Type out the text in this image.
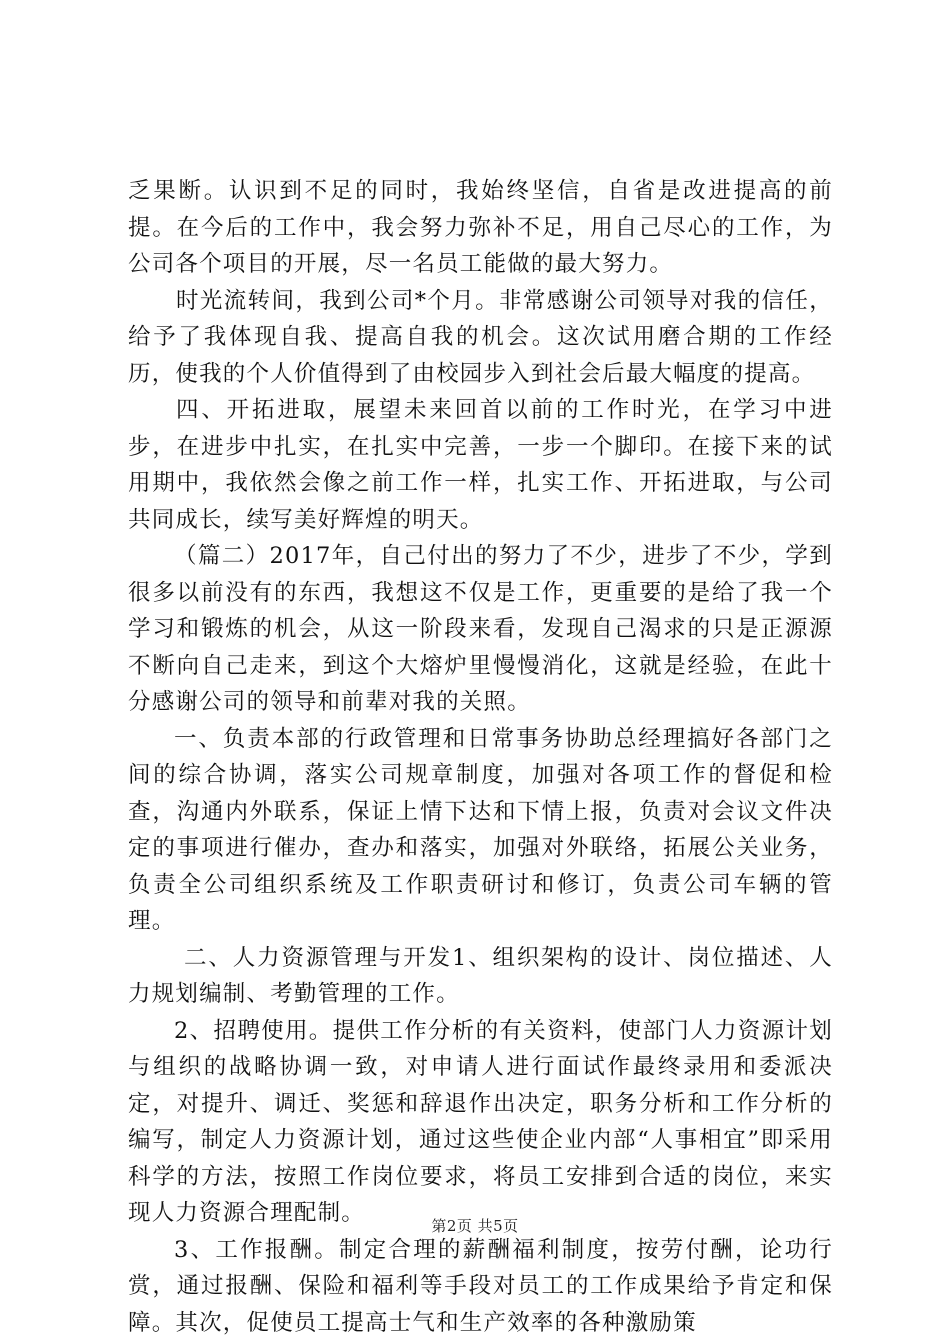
乏果断。认识到不足的同时，我始终坚信，自省是改进提高的前提。在今后的工作中，我会努力弥补不足，用自己尽心的工作，为公司各个项目的开展，尽一名员工能做的最大努力。

时光流转间，我到公司*个月。非常感谢公司领导对我的信任，给予了我体现自我、提高自我的机会。这次试用磨合期的工作经历，使我的个人价值得到了由校园步入到社会后最大幅度的提高。

四、开拓进取，展望未来回首以前的工作时光，在学习中进步，在进步中扎实，在扎实中完善，一步一个脚印。在接下来的试用期中，我依然会像之前工作一样，扎实工作、开拓进取，与公司共同成长，续写美好辉煌的明天。

（篇二）2017年，自己付出的努力了不少，进步了不少，学到很多以前没有的东西，我想这不仅是工作，更重要的是给了我一个学习和锻炼的机会，从这一阶段来看，发现自己渴求的只是正源源不断向自己走来，到这个大熔炉里慢慢消化，这就是经验，在此十分感谢公司的领导和前辈对我的关照。

一、负责本部的行政管理和日常事务协助总经理搞好各部门之间的综合协调，落实公司规章制度，加强对各项工作的督促和检查，沟通内外联系，保证上情下达和下情上报，负责对会议文件决定的事项进行催办，查办和落实，加强对外联络，拓展公关业务，负责全公司组织系统及工作职责研讨和修订，负责公司车辆的管理。

二、人力资源管理与开发1、组织架构的设计、岗位描述、人力规划编制、考勤管理的工作。

2、招聘使用。提供工作分析的有关资料，使部门人力资源计划与组织的战略协调一致，对申请人进行面试作最终录用和委派决定，对提升、调迁、奖惩和辞退作出决定，职务分析和工作分析的编写，制定人力资源计划，通过这些使企业内部“人事相宜”即采用科学的方法，按照工作岗位要求，将员工安排到合适的岗位，来实现人力资源合理配制。

3、工作报酬。制定合理的薪酬福利制度，按劳付酬，论功行赏，通过报酬、保险和福利等手段对员工的工作成果给予肯定和保障。其次，促使员工提高士气和生产效率的各种激励策

第2页 共5页
